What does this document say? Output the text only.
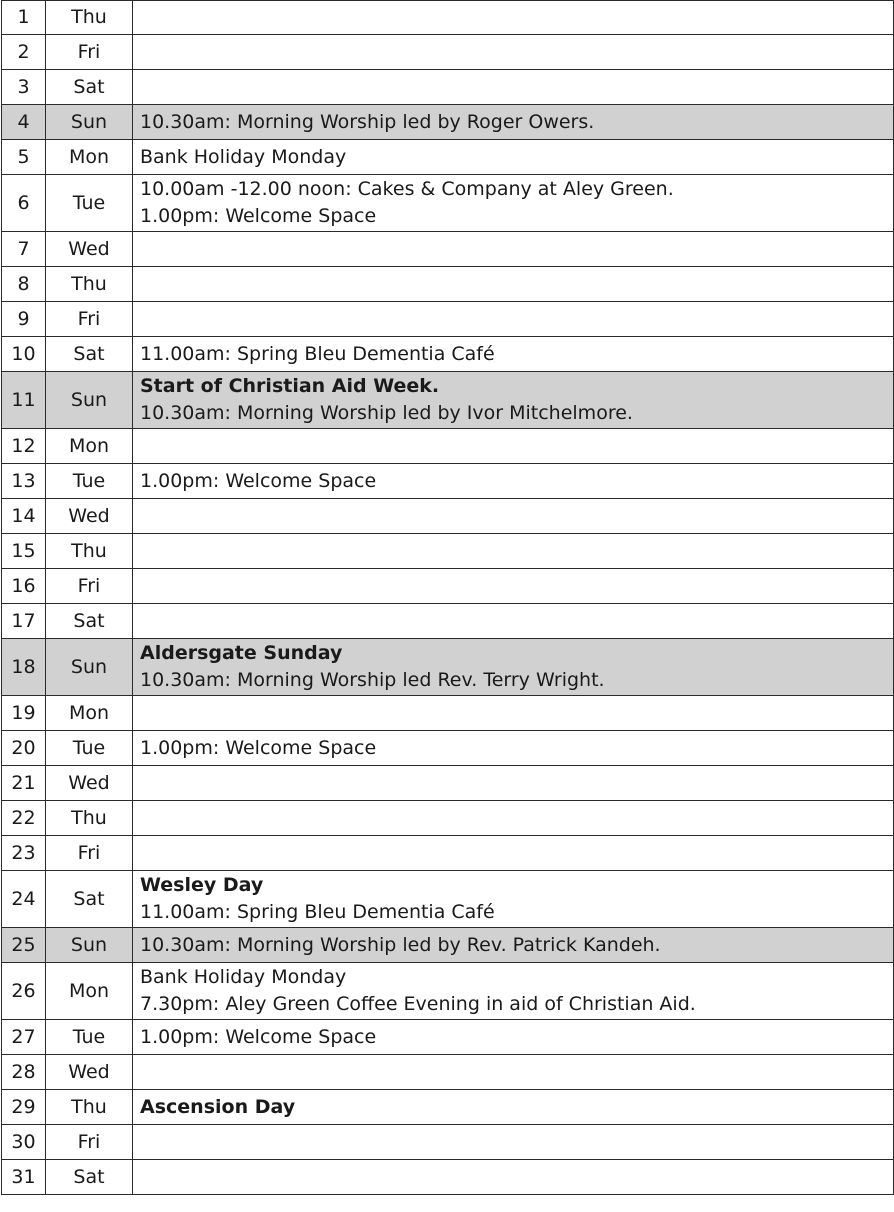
1	Thu	
2	Fri	
3	Sat	
4	Sun	10.30am: Morning Worship led by Roger Owers.

5	Mon	Bank Holiday Monday

6	Tue	10.00am -12.00 noon: Cakes & Company at Aley Green.
1.00pm: Welcome Space

7	Wed	
8	Thu	
9	Fri	
10	Sat	11.00am: Spring Bleu Dementia Café

11	Sun	Start of Christian Aid Week.
10.30am: Morning Worship led by Ivor Mitchelmore.

12	Mon	
13	Tue	1.00pm: Welcome Space

14	Wed	
15	Thu	
16	Fri	
17	Sat	
18	Sun	Aldersgate Sunday
10.30am: Morning Worship led Rev. Terry Wright.

19	Mon	
20	Tue	1.00pm: Welcome Space

21	Wed	
22	Thu	
23	Fri	
24	Sat	Wesley Day
11.00am: Spring Bleu Dementia Café

25	Sun	10.30am: Morning Worship led by Rev. Patrick Kandeh.

26	Mon	Bank Holiday Monday
7.30pm: Aley Green Coffee Evening in aid of Christian Aid.

27	Tue	1.00pm: Welcome Space

28	Wed	
29	Thu	Ascension Day

30	Fri	
31	Sat	
